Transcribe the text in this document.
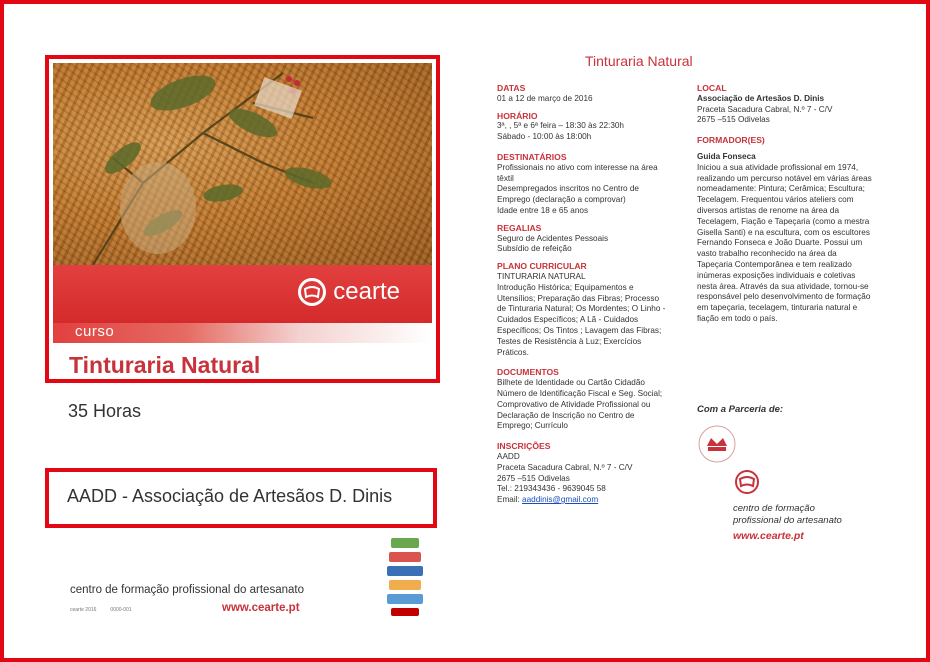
cearte
curso
Tinturaria Natural
35 Horas
AADD - Associação de Artesãos D. Dinis
centro de formação profissional do artesanato
cearte 2016	0000-001	www.cearte.pt
Tinturaria Natural
DATAS
01 a 12 de março de 2016
HORÁRIO
3ª, , 5ª e 6ª feira – 18:30 às 22:30h
Sábado - 10:00 às 18:00h
DESTINATÁRIOS
Profissionais no ativo com interesse na área têxtil
Desempregados inscritos no Centro de Emprego (declaração a comprovar)
Idade entre 18 e 65 anos
REGALIAS
Seguro de Acidentes Pessoais
Subsídio de refeição
PLANO CURRICULAR
TINTURARIA NATURAL
Introdução Histórica; Equipamentos e Utensílios; Preparação das Fibras; Processo de Tinturaria Natural; Os Mordentes; O Linho - Cuidados Específicos; A Lã - Cuidados Específicos; Os Tintos ; Lavagem das Fibras; Testes de Resistência à Luz; Exercícios Práticos.
DOCUMENTOS
Bilhete de Identidade ou Cartão Cidadão Número de Identificação Fiscal e Seg. Social; Comprovativo de Atividade Profissional ou Declaração de Inscrição no Centro de Emprego; Currículo
INSCRIÇÕES
AADD
Praceta Sacadura Cabral, N.º 7 - C/V
2675 –515 Odivelas
Tel.: 219343436 - 9639045 58
Email: aaddinis@gmail.com
LOCAL
Associação de Artesãos D. Dinis
Praceta Sacadura Cabral, N.º 7 - C/V
2675 –515 Odivelas
FORMADOR(ES)
Guida Fonseca
Iniciou a sua atividade profissional em 1974, realizando um percurso notável em várias áreas nomeadamente: Pintura; Cerâmica; Escultura; Tecelagem. Frequentou vários ateliers com diversos artistas de renome na área da Tecelagem, Fiação e Tapeçaria (como a mestra Gisella Santi) e na escultura, com os escultores Fernando Fonseca e João Duarte. Possui um vasto trabalho reconhecido na área da Tapeçaria Contemporânea e tem realizado inúmeras exposições individuais e coletivas nesta área. Através da sua atividade, tornou-se responsável pelo desenvolvimento de formação em tapeçaria, tecelagem, tinturaria natural e fiação em todo o país.
Com a Parceria de:
centro de formação
profissional do artesanato
www.cearte.pt
